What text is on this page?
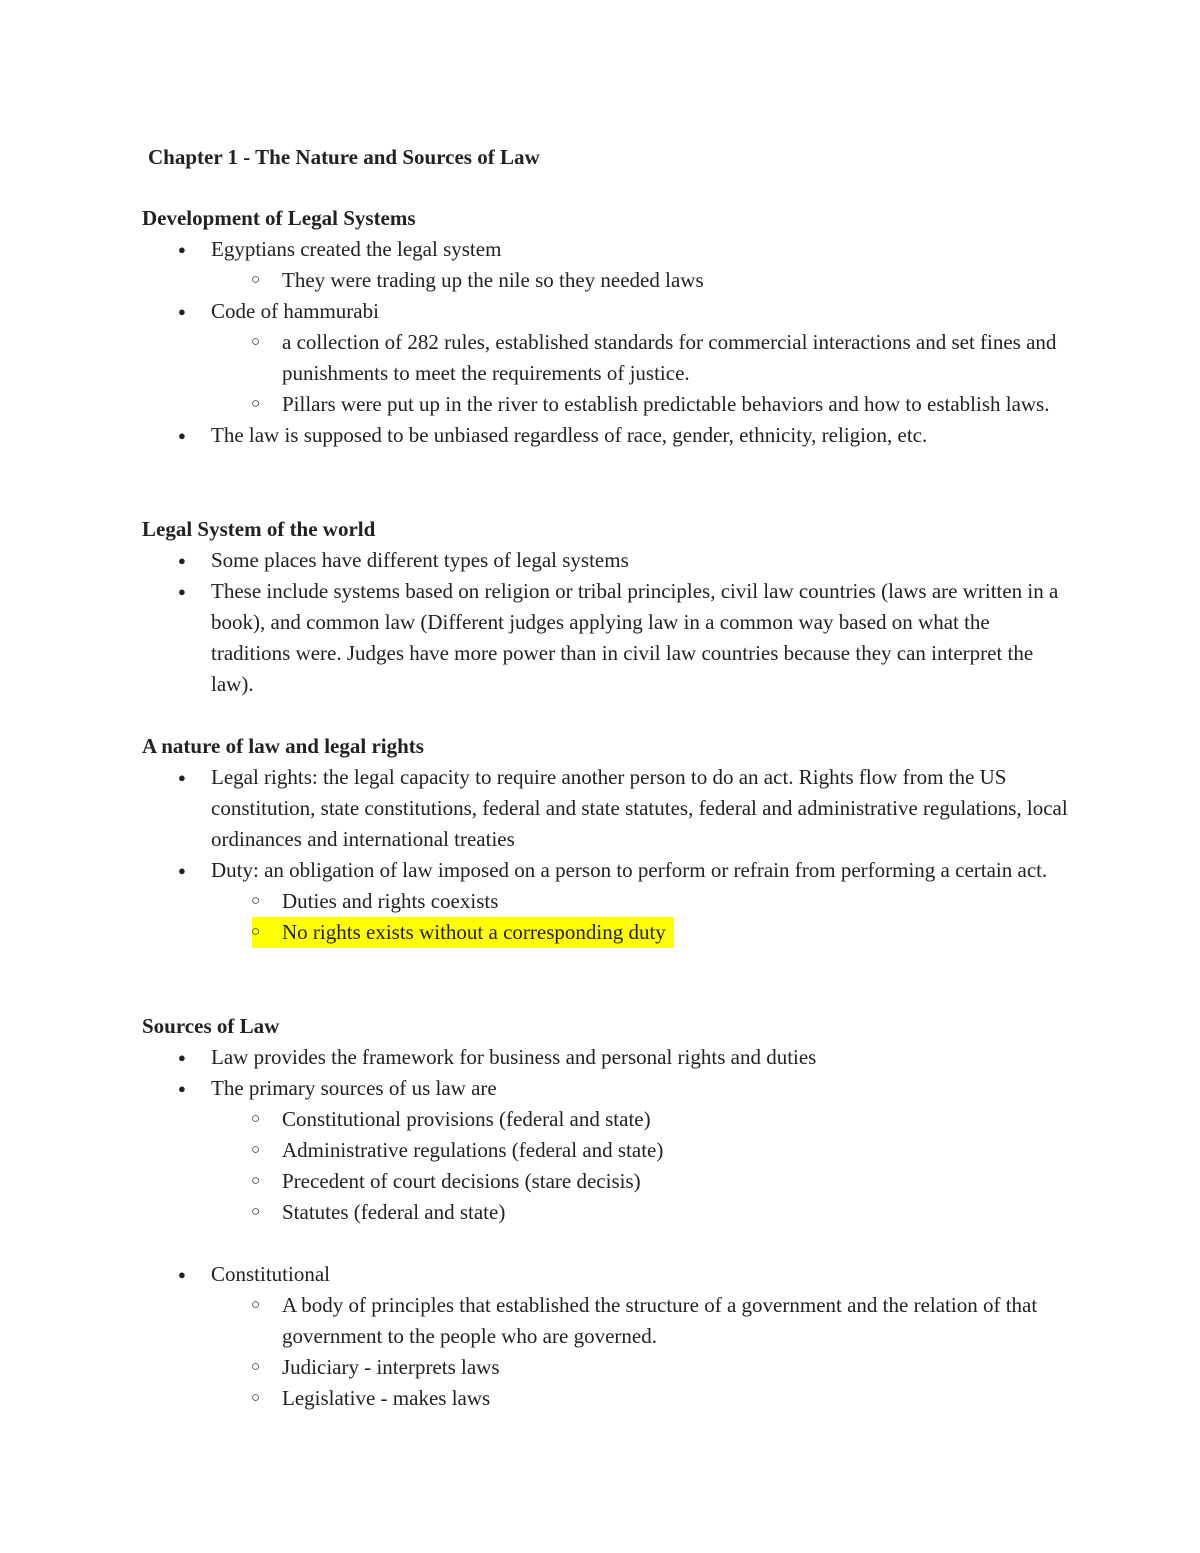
Chapter 1 - The Nature and Sources of Law

Development of Legal Systems
● Egyptians created the legal system
○ They were trading up the nile so they needed laws
● Code of hammurabi
○ a collection of 282 rules, established standards for commercial interactions and set fines and punishments to meet the requirements of justice.
○ Pillars were put up in the river to establish predictable behaviors and how to establish laws.
● The law is supposed to be unbiased regardless of race, gender, ethnicity, religion, etc.
Legal System of the world
● Some places have different types of legal systems
● These include systems based on religion or tribal principles, civil law countries (laws are written in a book), and common law (Different judges applying law in a common way based on what the traditions were. Judges have more power than in civil law countries because they can interpret the law).
A nature of law and legal rights
● Legal rights: the legal capacity to require another person to do an act. Rights flow from the US constitution, state constitutions, federal and state statutes, federal and administrative regulations, local ordinances and international treaties
● Duty: an obligation of law imposed on a person to perform or refrain from performing a certain act.
○ Duties and rights coexists
No rights exists without a corresponding duty
○
Sources of Law
● Law provides the framework for business and personal rights and duties
● The primary sources of us law are
○ Constitutional provisions (federal and state)
○ Administrative regulations (federal and state)
○ Precedent of court decisions (stare decisis)
○ Statutes (federal and state)
● Constitutional
○ A body of principles that established the structure of a government and the relation of that government to the people who are governed.
○ Judiciary - interprets laws
○ Legislative - makes laws
